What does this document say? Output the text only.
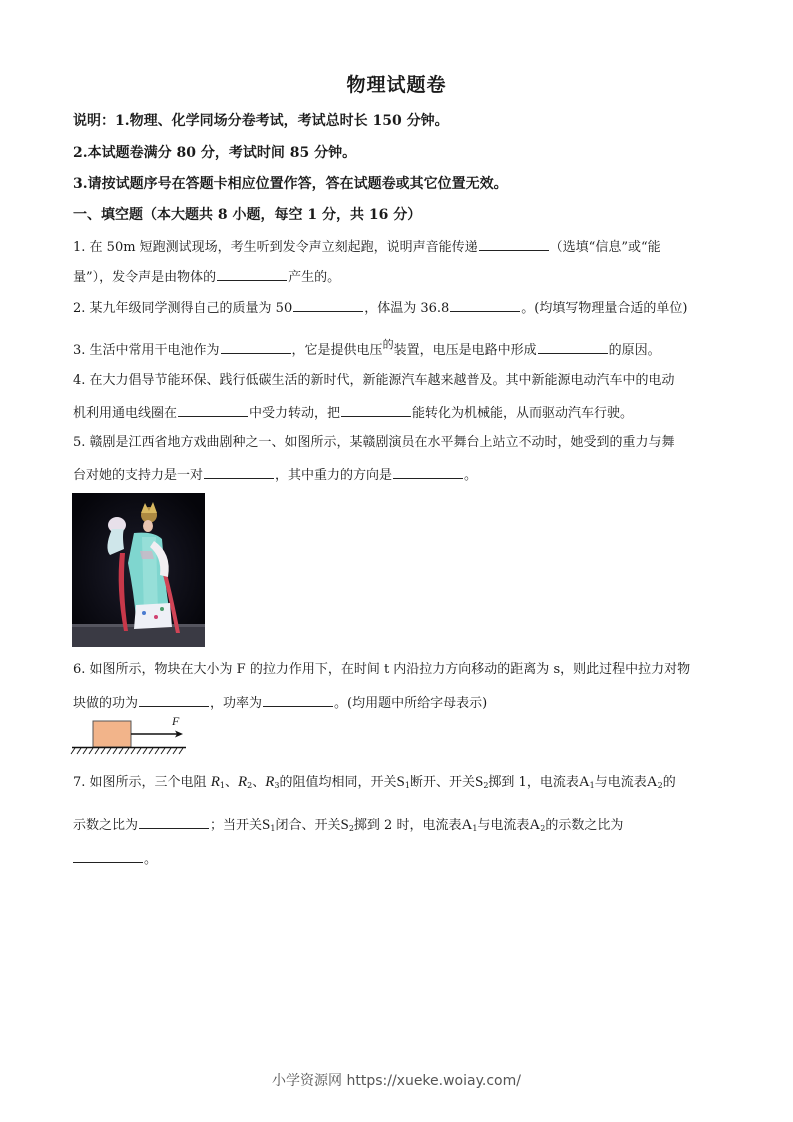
物理试题卷
说明：1.物理、化学同场分卷考试，考试总时长 150 分钟。
2.本试题卷满分 80 分，考试时间 85 分钟。
3.请按试题序号在答题卡相应位置作答，答在试题卷或其它位置无效。
一、填空题（本大题共 8 小题，每空 1 分，共 16 分）
1. 在 50m 短跑测试现场，考生听到发令声立刻起跑，说明声音能传递	（选填“信息”或“能
量”），发令声是由物体的	产生的。
2. 某九年级同学测得自己的质量为 50	，体温为 36.8	。(均填写物理量合适的单位)
3. 生活中常用干电池作为	，它是提供电压$^的$装置，电压是电路中形成	的原因。
4. 在大力倡导节能环保、践行低碳生活的新时代，新能源汽车越来越普及。其中新能源电动汽车中的电动
机利用通电线圈在	中受力转动，把	能转化为机械能，从而驱动汽车行驶。
5. 赣剧是江西省地方戏曲剧种之一、如图所示，某赣剧演员在水平舞台上站立不动时，她受到的重力与舞
台对她的支持力是一对	，其中重力的方向是	。
6. 如图所示，物块在大小为 F 的拉力作用下，在时间 t 内沿拉力方向移动的距离为 s，则此过程中拉力对物
块做的功为	，功率为	。(均用题中所给字母表示)
F
7. 如图所示，三个电阻 $R_1$、$R_2$、$R_3$的阻值均相同，开关$S_1$断开、开关$S_2$掷到 1，电流表$A_1$与电流表$A_2$的
示数之比为	；当开关$S_1$闭合、开关$S_2$掷到 2 时，电流表$A_1$与电流表$A_2$的示数之比为
。
小学资源网 https://xueke.woiay.com/
